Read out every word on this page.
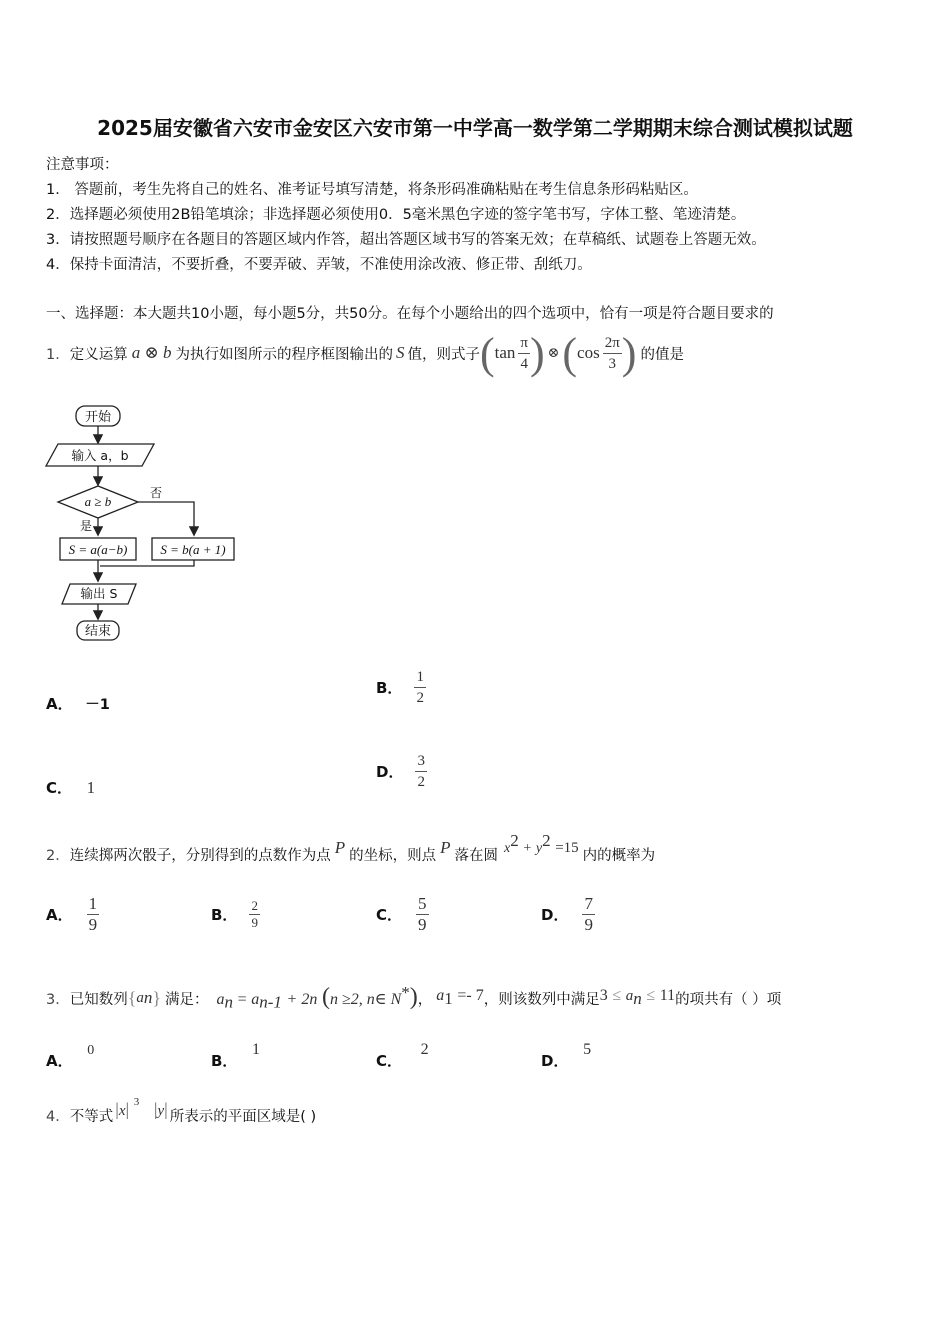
2025届安徽省六安市金安区六安市第一中学高一数学第二学期期末综合测试模拟试题
注意事项：
1． 答题前，考生先将自己的姓名、准考证号填写清楚，将条形码准确粘贴在考生信息条形码粘贴区。
2．选择题必须使用2B铅笔填涂；非选择题必须使用0．5毫米黑色字迹的签字笔书写，字体工整、笔迹清楚。
3．请按照题号顺序在各题目的答题区域内作答，超出答题区域书写的答案无效；在草稿纸、试题卷上答题无效。
4．保持卡面清洁，不要折叠，不要弄破、弄皱，不准使用涂改液、修正带、刮纸刀。
一、选择题：本大题共10小题，每小题5分，共50分。在每个小题给出的四个选项中，恰有一项是符合题目要求的
1． 定义运算 a ⊗ b 为执行如图所示的程序框图输出的 S 值，则式子 ( $\tan \frac{\pi}{4}$ ) ⊗ ( $\cos \frac{2\pi}{3}$ ) 的值是
开始
输入 a，b
a ≥ b
否
是
S = a(a−b)	S = b(a + 1)
输出 S
结束
A． －1
B． $\frac{1}{2}$
C． 1
D． $\frac{3}{2}$
2． 连续掷两次骰子，分别得到的点数作为点 P 的坐标，则点 P 落在圆 $x^2 + y^2 =15$ 内的概率为
A． $\frac{1}{9}$	B． $\frac{2}{9}$	C． $\frac{5}{9}$	D． $\frac{7}{9}$
3． 已知数列 { a n } 满足： $a_n = a_{n-1} + 2n$ (n ≥2, n∈ N*) ， $a_1 =- 7$ ，则该数列中满足 $3 \le a_n \le 11$ 的项共有（ ）项
A． 0
B． 1
C． 2
D． 5
4． 不等式 |x| $^3$ |y| 所表示的平面区域是( )
